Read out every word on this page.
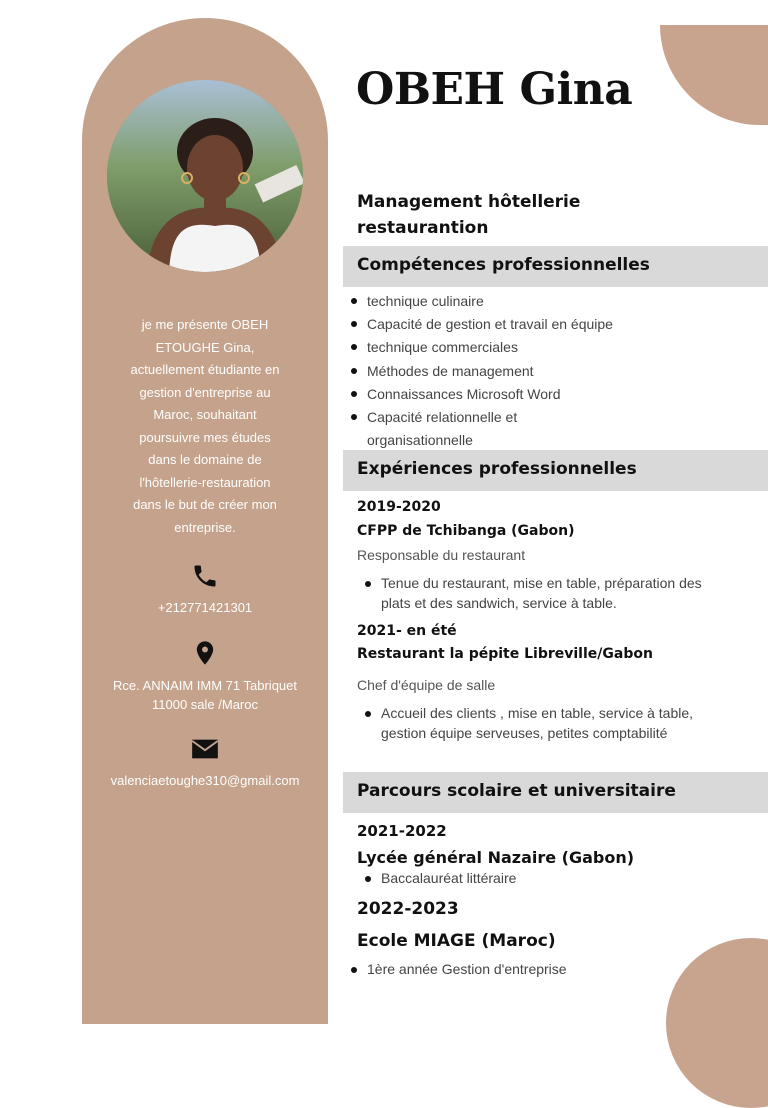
je me présente OBEH
ETOUGHE Gina,
actuellement étudiante en
gestion d'entreprise au
Maroc, souhaitant
poursuivre mes études
dans le domaine de
l'hôtellerie-restauration
dans le but de créer mon
entreprise.
+212771421301
Rce. ANNAIM IMM 71 Tabriquet
11000 sale /Maroc
valenciaetoughe310@gmail.com
OBEH Gina
Management hôtellerie
restaurantion
Compétences professionnelles
technique culinaire
Capacité de gestion et travail en équipe
technique commerciales
Méthodes de management
Connaissances Microsoft Word
Capacité relationnelle et
organisationnelle
Expériences professionnelles
2019-2020
CFPP de Tchibanga (Gabon)
Responsable du restaurant
Tenue du restaurant, mise en table, préparation des
plats et des sandwich, service à table.
2021- en été
Restaurant la pépite Libreville/Gabon
Chef d'équipe de salle
Accueil des clients , mise en table, service à table,
gestion équipe serveuses, petites comptabilité
Parcours scolaire et universitaire
2021-2022
Lycée général Nazaire (Gabon)
Baccalauréat littéraire
2022-2023
Ecole MIAGE (Maroc)
1ère année Gestion d'entreprise
